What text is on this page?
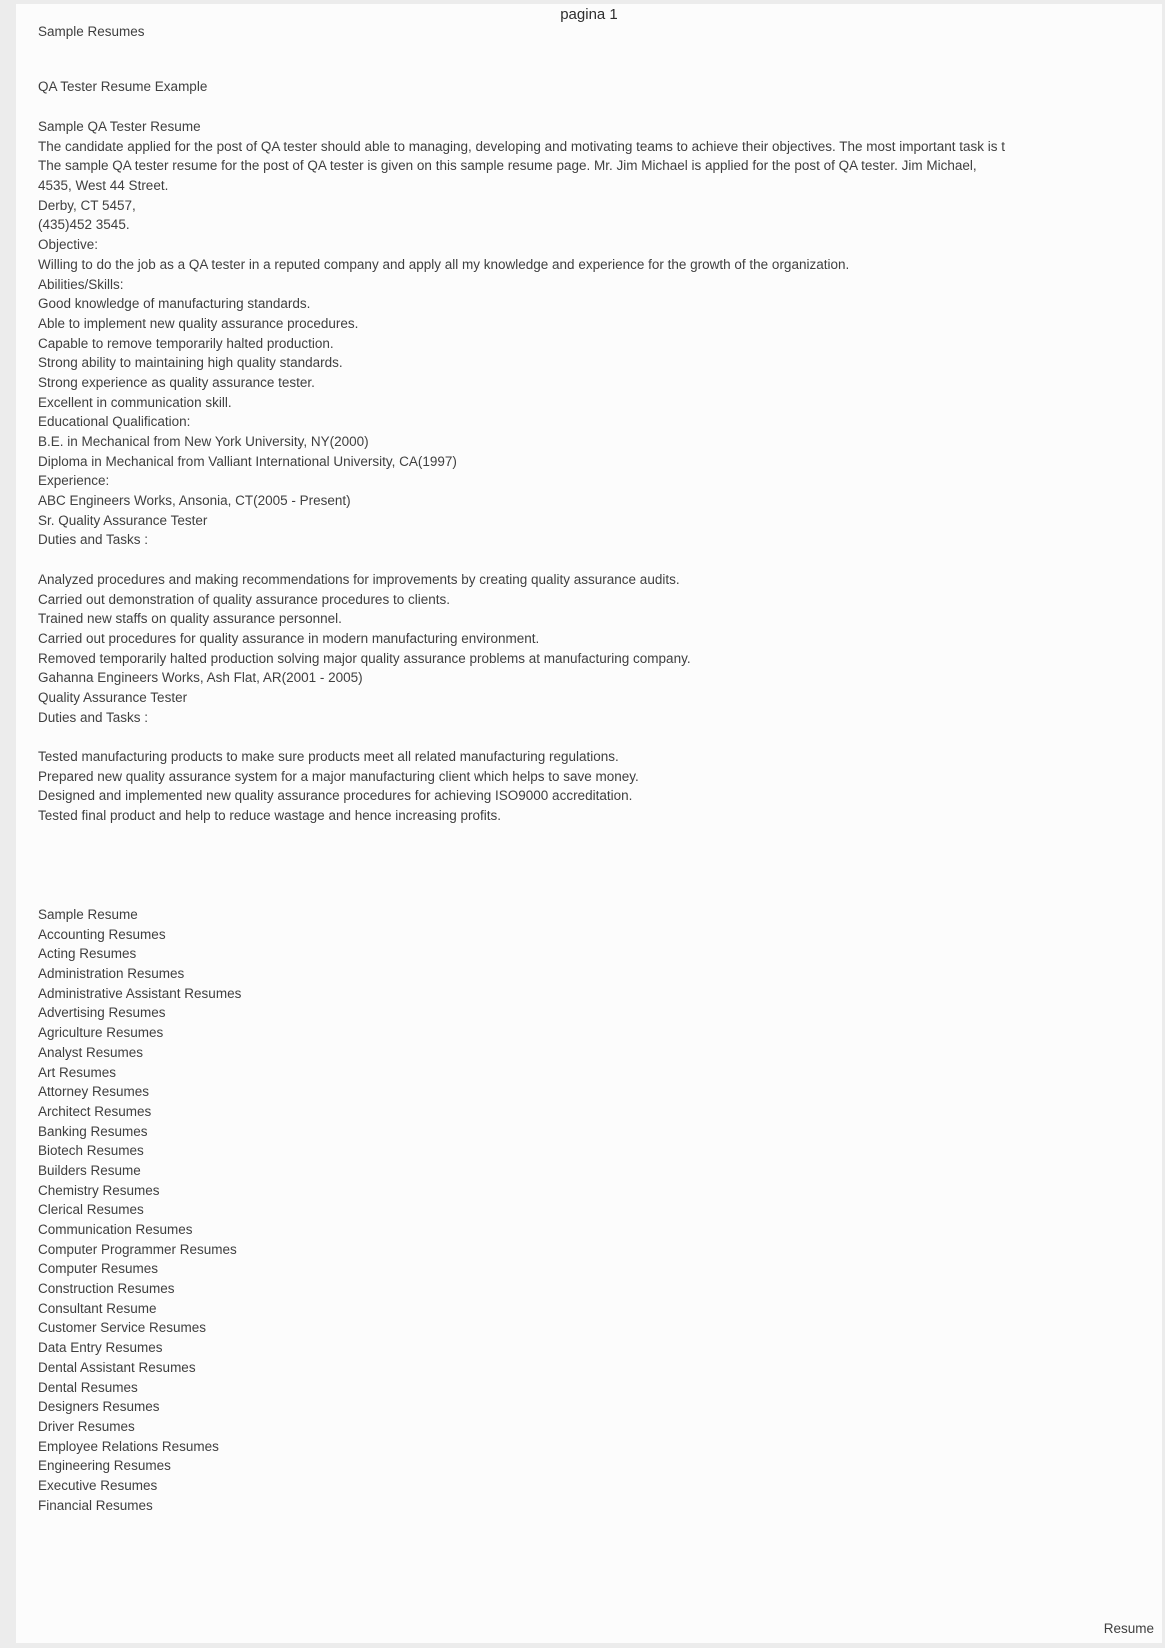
pagina 1
Sample Resumes
QA Tester Resume Example
Sample QA Tester Resume
The candidate applied for the post of QA tester should able to managing, developing and motivating teams to achieve their objectives. The most important task is t
The sample QA tester resume for the post of QA tester is given on this sample resume page. Mr. Jim Michael is applied for the post of QA tester. Jim Michael,
4535, West 44 Street.
Derby, CT 5457,
(435)452 3545.
Objective:
Willing to do the job as a QA tester in a reputed company and apply all my knowledge and experience for the growth of the organization.
Abilities/Skills:
Good knowledge of manufacturing standards.
Able to implement new quality assurance procedures.
Capable to remove temporarily halted production.
Strong ability to maintaining high quality standards.
Strong experience as quality assurance tester.
Excellent in communication skill.
Educational Qualification:
B.E. in Mechanical from New York University, NY(2000)
Diploma in Mechanical from Valliant International University, CA(1997)
Experience:
ABC Engineers Works, Ansonia, CT(2005 - Present)
Sr. Quality Assurance Tester
Duties and Tasks :

Analyzed procedures and making recommendations for improvements by creating quality assurance audits.
Carried out demonstration of quality assurance procedures to clients.
Trained new staffs on quality assurance personnel.
Carried out procedures for quality assurance in modern manufacturing environment.
Removed temporarily halted production solving major quality assurance problems at manufacturing company.
Gahanna Engineers Works, Ash Flat, AR(2001 - 2005)
Quality Assurance Tester
Duties and Tasks :

Tested manufacturing products to make sure products meet all related manufacturing regulations.
Prepared new quality assurance system for a major manufacturing client which helps to save money.
Designed and implemented new quality assurance procedures for achieving ISO9000 accreditation.
Tested final product and help to reduce wastage and hence increasing profits.
Sample Resume
Accounting Resumes
Acting Resumes
Administration Resumes
Administrative Assistant Resumes
Advertising Resumes
Agriculture Resumes
Analyst Resumes
Art Resumes
Attorney Resumes
Architect Resumes
Banking Resumes
Biotech Resumes
Builders Resume
Chemistry Resumes
Clerical Resumes
Communication Resumes
Computer Programmer Resumes
Computer Resumes
Construction Resumes
Consultant Resume
Customer Service Resumes
Data Entry Resumes
Dental Assistant Resumes
Dental Resumes
Designers Resumes
Driver Resumes
Employee Relations Resumes
Engineering Resumes
Executive Resumes
Financial Resumes
Resume
